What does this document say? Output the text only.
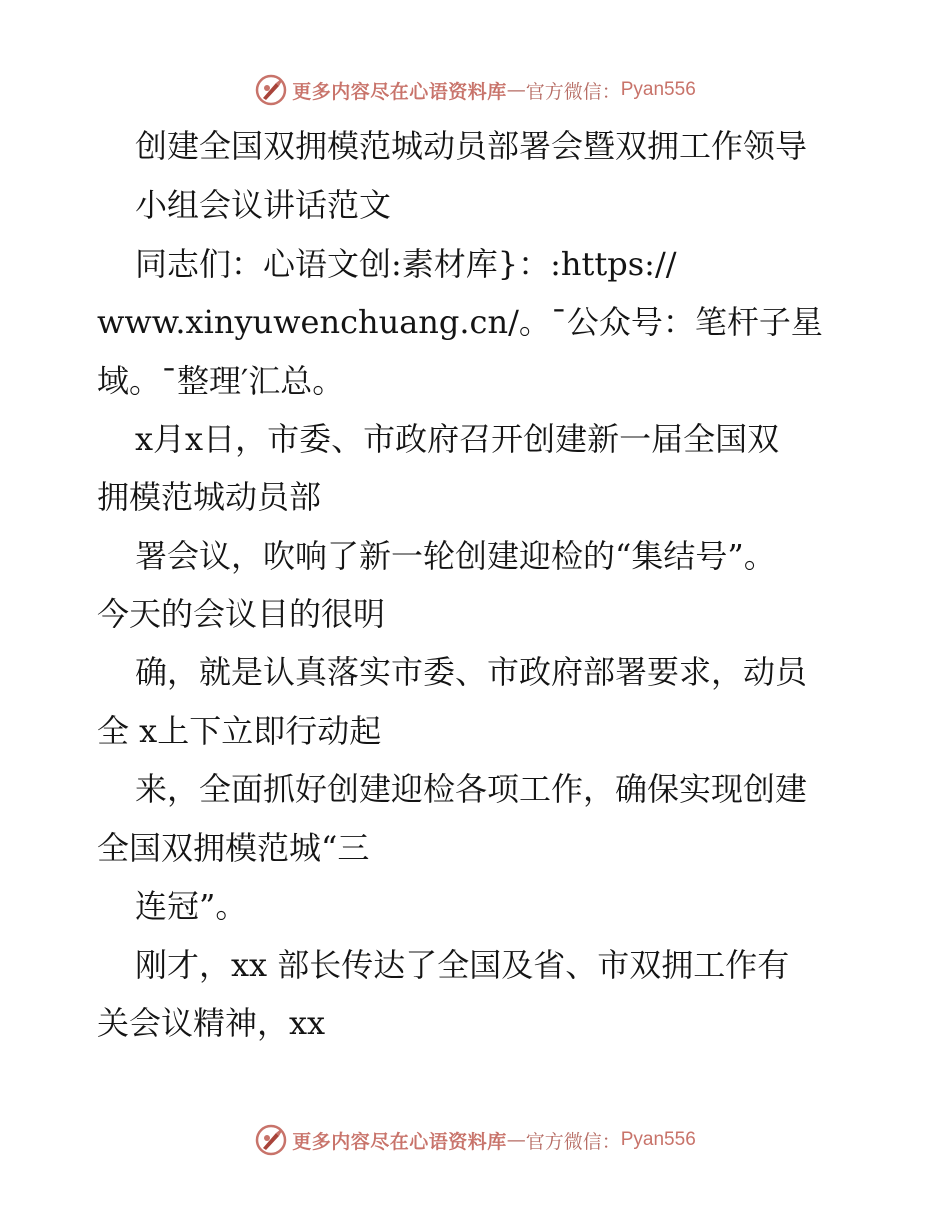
更多内容尽在心语资料库 — 官方微信： Pyan556
创建全国双拥模范城动员部署会暨双拥工作领导
小组会议讲话范文
同志们：心语文创:素材库}：:https://
www.xinyuwenchuang.cn/。¯公众号：笔杆子星
域。¯整理′汇总。
x月x日，市委、市政府召开创建新一届全国双
拥模范城动员部
署会议，吹响了新一轮创建迎检的“集结号”。
今天的会议目的很明
确，就是认真落实市委、市政府部署要求，动员
全 x上下立即行动起
来，全面抓好创建迎检各项工作，确保实现创建
全国双拥模范城“三
连冠”。
刚才，xx 部长传达了全国及省、市双拥工作有
关会议精神，xx
更多内容尽在心语资料库 — 官方微信： Pyan556
